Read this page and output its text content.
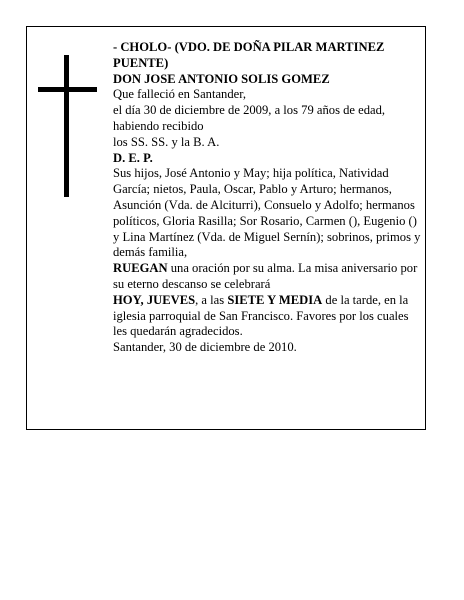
- CHOLO- (VDO. DE DOÑA PILAR MARTINEZ PUENTE)

DON JOSE ANTONIO SOLIS GOMEZ

Que falleció en Santander,

el día 30 de diciembre de 2009, a los 79 años de edad, habiendo recibido

los SS. SS. y la B. A.

D. E. P.

Sus hijos, José Antonio y May; hija política, Natividad García; nietos, Paula, Oscar, Pablo y Arturo; hermanos, Asunción (Vda. de Alciturri), Consuelo y Adolfo; hermanos políticos, Gloria Rasilla; Sor Rosario, Carmen (), Eugenio () y Lina Martínez (Vda. de Miguel Sernín); sobrinos, primos y demás familia,

RUEGAN una oración por su alma. La misa aniversario por su eterno descanso se celebrará

HOY, JUEVES, a las SIETE Y MEDIA de la tarde, en la iglesia parroquial de San Francisco. Favores por los cuales les quedarán agradecidos.

Santander, 30 de diciembre de 2010.
